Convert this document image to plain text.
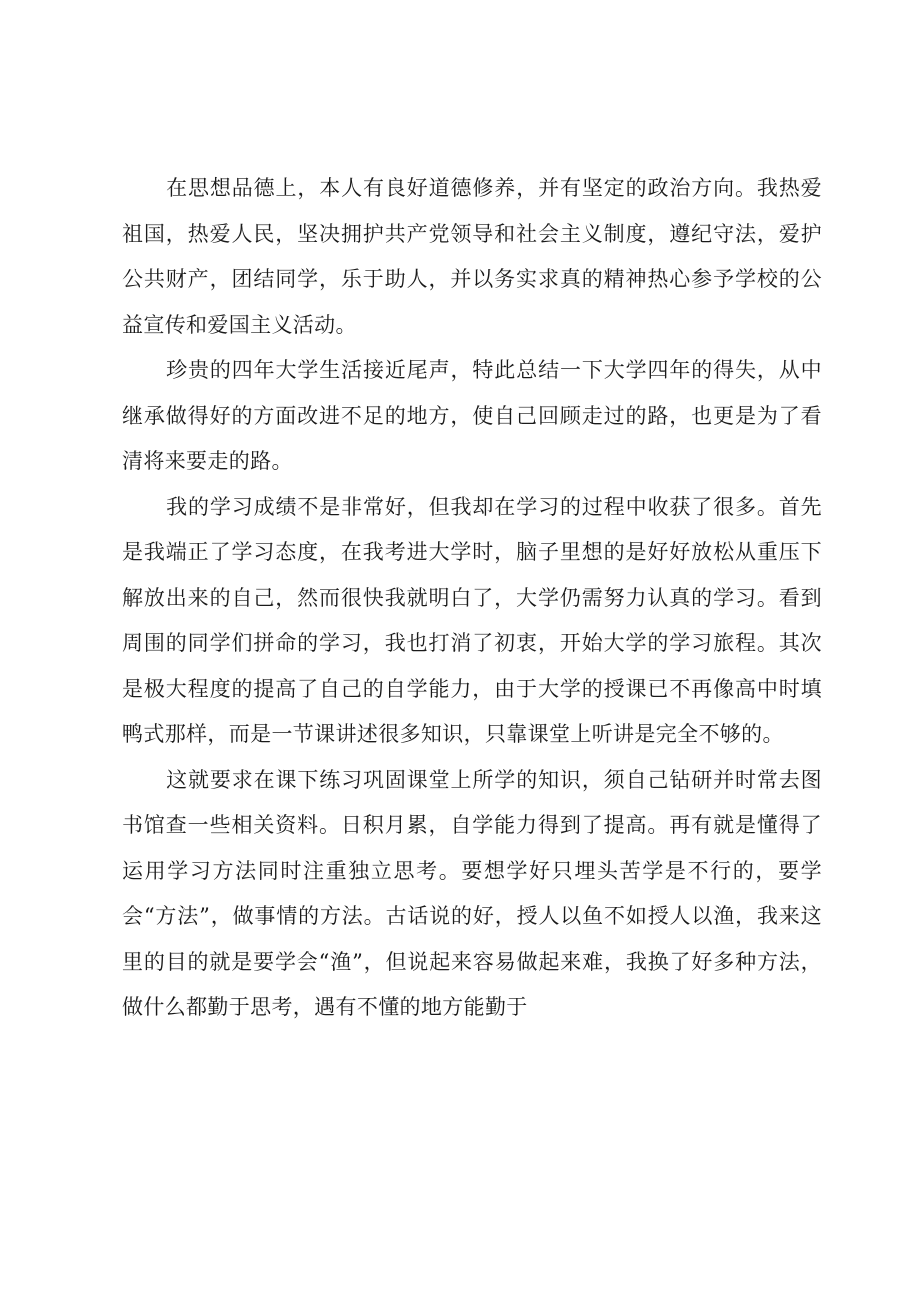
在思想品德上，本人有良好道德修养，并有坚定的政治方向。我热爱祖国，热爱人民，坚决拥护共产党领导和社会主义制度，遵纪守法，爱护公共财产，团结同学，乐于助人，并以务实求真的精神热心参予学校的公益宣传和爱国主义活动。

珍贵的四年大学生活接近尾声，特此总结一下大学四年的得失，从中继承做得好的方面改进不足的地方，使自己回顾走过的路，也更是为了看清将来要走的路。

我的学习成绩不是非常好，但我却在学习的过程中收获了很多。首先是我端正了学习态度，在我考进大学时，脑子里想的是好好放松从重压下解放出来的自己，然而很快我就明白了，大学仍需努力认真的学习。看到周围的同学们拼命的学习，我也打消了初衷，开始大学的学习旅程。其次是极大程度的提高了自己的自学能力，由于大学的授课已不再像高中时填鸭式那样，而是一节课讲述很多知识，只靠课堂上听讲是完全不够的。

这就要求在课下练习巩固课堂上所学的知识，须自己钻研并时常去图书馆查一些相关资料。日积月累，自学能力得到了提高。再有就是懂得了运用学习方法同时注重独立思考。要想学好只埋头苦学是不行的，要学会“方法”，做事情的方法。古话说的好，授人以鱼不如授人以渔，我来这里的目的就是要学会“渔”，但说起来容易做起来难，我换了好多种方法，做什么都勤于思考，遇有不懂的地方能勤于
